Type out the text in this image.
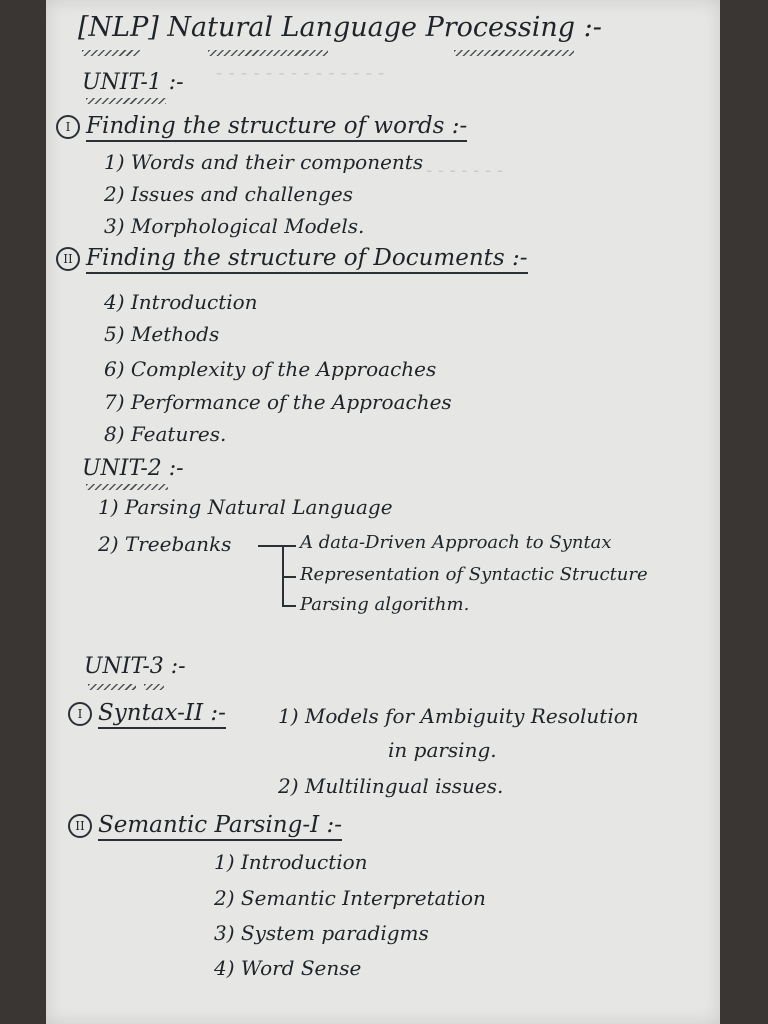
- - - - - - - - - - - - - -
- - - - - - -
[NLP] Natural Language Processing :-
UNIT-1 :-
I Finding the structure of words :-
1) Words and their components
2) Issues and challenges
3) Morphological Models.
II Finding the structure of Documents :-
4) Introduction
5) Methods
6) Complexity of the Approaches
7) Performance of the Approaches
8) Features.
UNIT-2 :-
1) Parsing Natural Language
2) Treebanks	A data-Driven Approach to Syntax
Representation of Syntactic Structure
Parsing algorithm.
UNIT-3 :-
I Syntax-II :-	1) Models for Ambiguity Resolution
in parsing.
2) Multilingual issues.
II Semantic Parsing-I :-
1) Introduction
2) Semantic Interpretation
3) System paradigms
4) Word Sense
